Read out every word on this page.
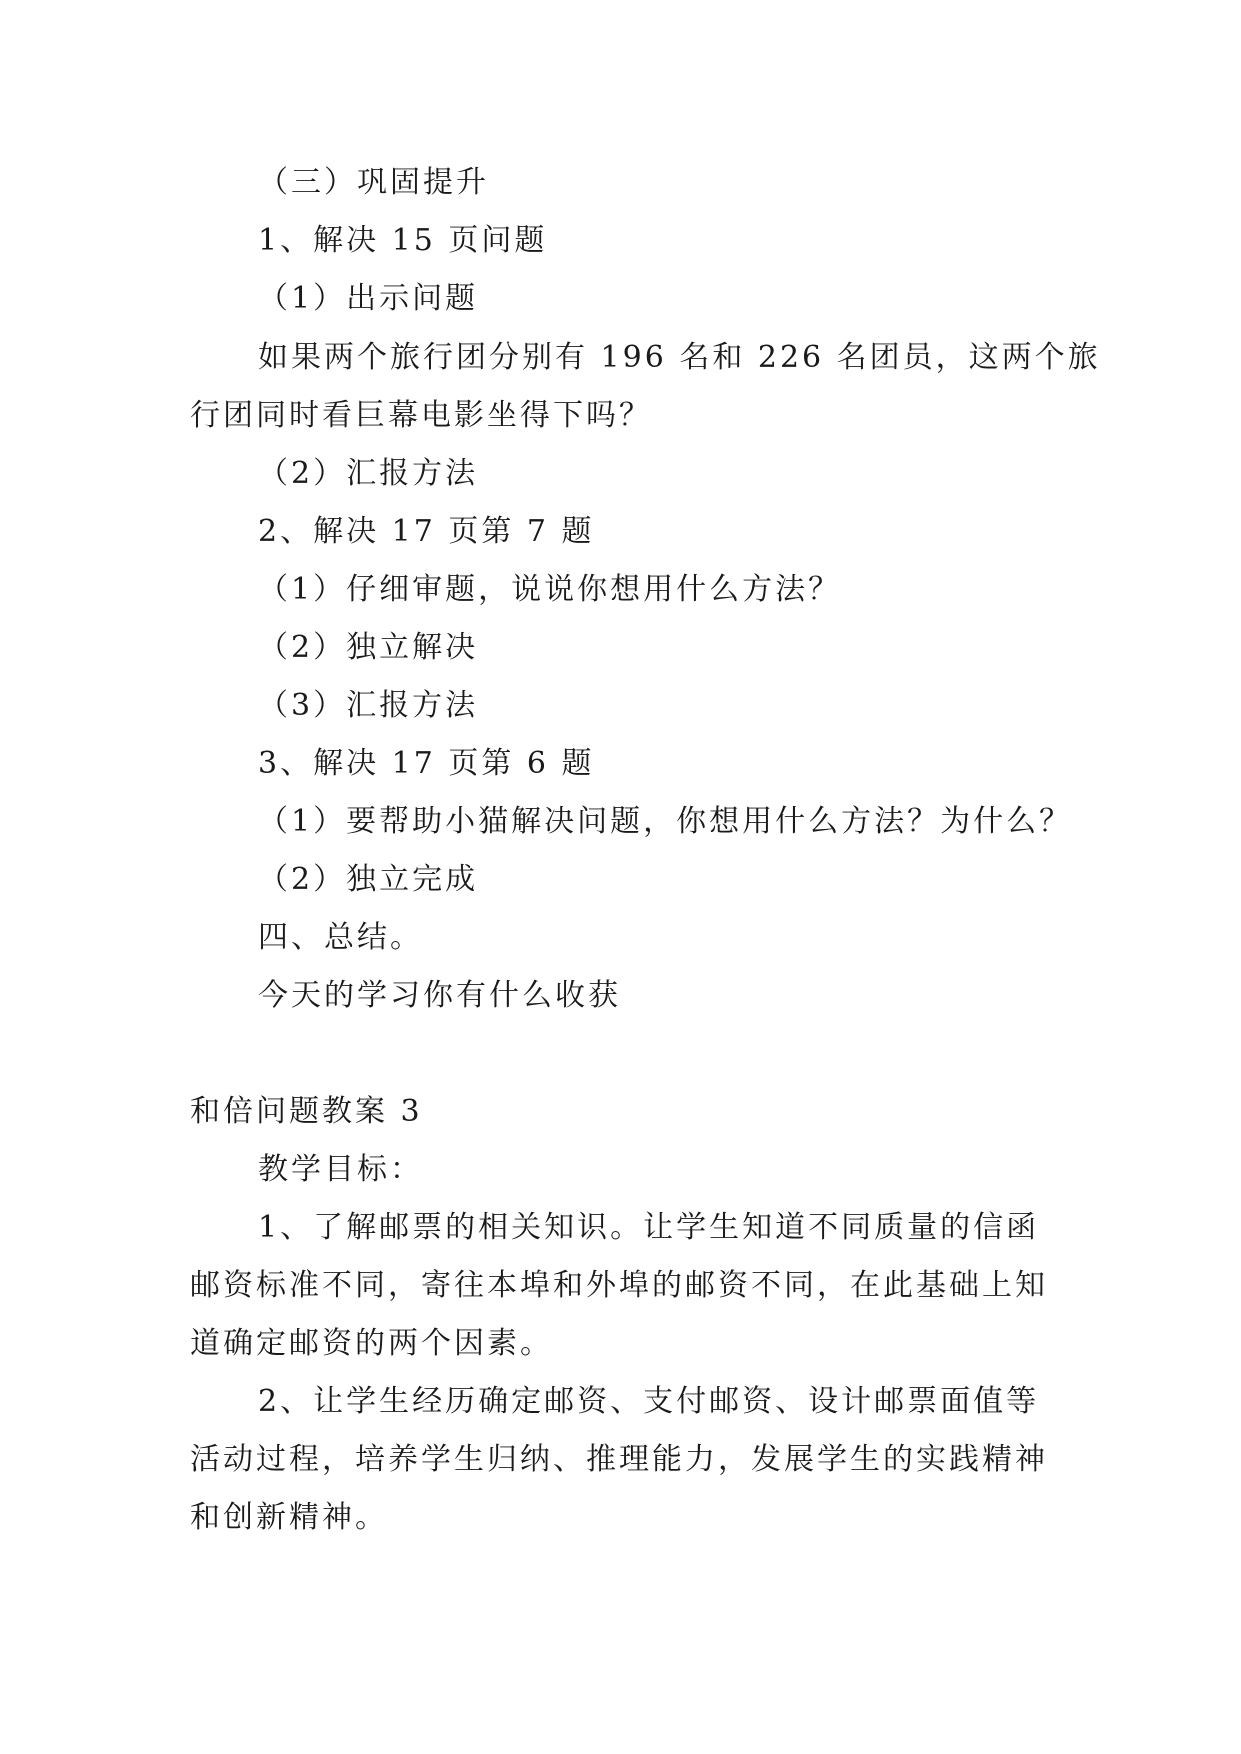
（三）巩固提升
1、解决 15 页问题
（1）出示问题
如果两个旅行团分别有 196 名和 226 名团员，这两个旅
行团同时看巨幕电影坐得下吗？
（2）汇报方法
2、解决 17 页第 7 题
（1）仔细审题，说说你想用什么方法？
（2）独立解决
（3）汇报方法
3、解决 17 页第 6 题
（1）要帮助小猫解决问题，你想用什么方法？为什么？
（2）独立完成
四、总结。
今天的学习你有什么收获
和倍问题教案 3
教学目标：
1、了解邮票的相关知识。让学生知道不同质量的信函
邮资标准不同，寄往本埠和外埠的邮资不同，在此基础上知
道确定邮资的两个因素。
2、让学生经历确定邮资、支付邮资、设计邮票面值等
活动过程，培养学生归纳、推理能力，发展学生的实践精神
和创新精神。
